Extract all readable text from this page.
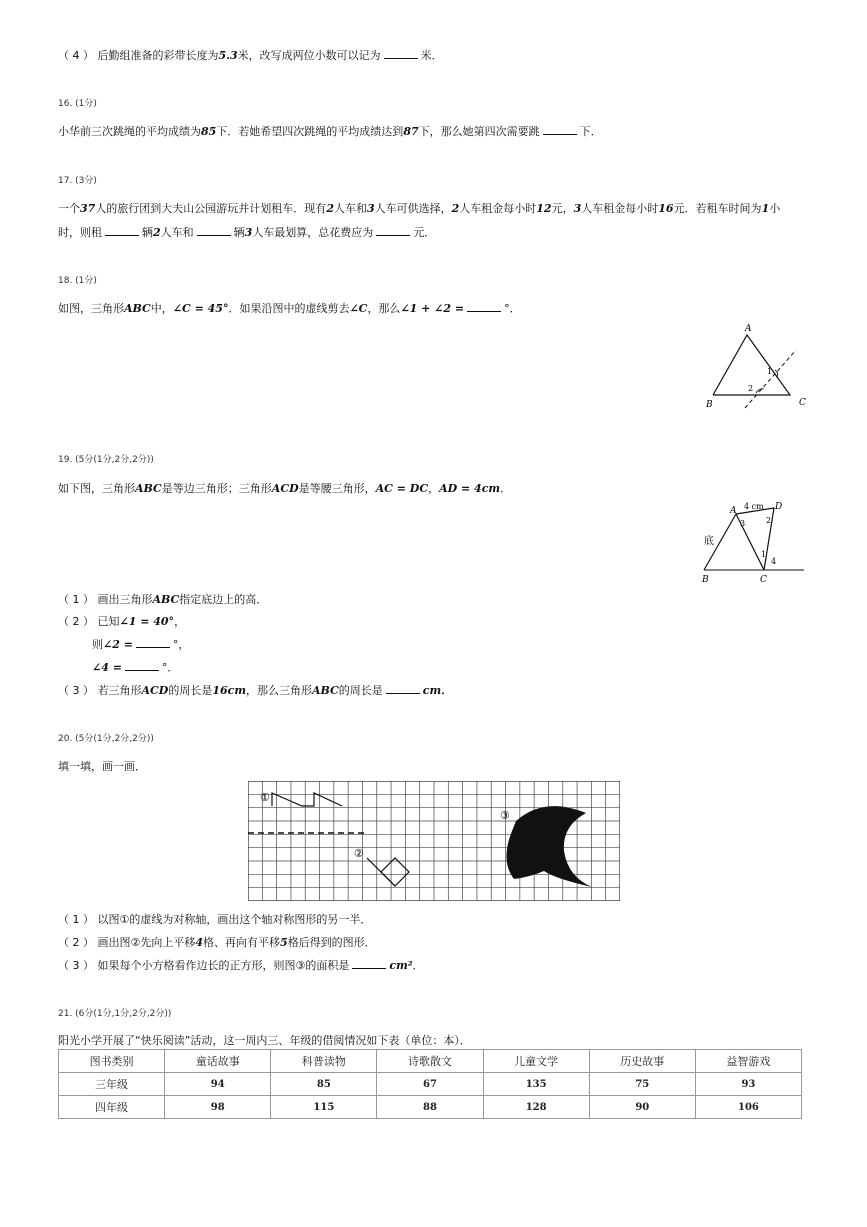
（ 4 ） 后勤组准备的彩带长度为5.3米，改写成两位小数可以记为	米．
16. (1分)
小华前三次跳绳的平均成绩为85下．若她希望四次跳绳的平均成绩达到87下，那么她第四次需要跳	下．
17. (3分)
一个37人的旅行团到大夫山公园游玩并计划租车．现有2人车和3人车可供选择，2人车租金每小时12元，3人车租金每小时16元．若租车时间为1小
时，则租	辆2人车和	辆3人车最划算，总花费应为	元．
18. (1分)
如图，三角形ABC中，∠C = 45°．如果沿图中的虚线剪去∠C，那么∠1 + ∠2 =	°．
A
B	C
1
2
19. (5分(1分,2分,2分))
如下图，三角形ABC是等边三角形；三角形ACD是等腰三角形，AC = DC，AD = 4cm．
A
B	C
D
4 cm
底
1
2
3
4
（ 1 ） 画出三角形ABC指定底边上的高．
（ 2 ） 已知∠1 = 40°，
则∠2 =	°，
∠4 =	°．
（ 3 ） 若三角形ACD的周长是16cm，那么三角形ABC的周长是	cm．
20. (5分(1分,2分,2分))
填一填，画一画．
①
②
③
（ 1 ） 以图①的虚线为对称轴，画出这个轴对称图形的另一半．
（ 2 ） 画出图②先向上平移4格、再向有平移5格后得到的图形．
（ 3 ） 如果每个小方格看作边长的正方形，则图③的面积是	cm²．
21. (6分(1分,1分,2分,2分))
阳光小学开展了“快乐阅读”活动，这一周内三、年级的借阅情况如下表（单位：本）．
图书类别	童话故事	科普读物	诗歌散文	儿童文学	历史故事	益智游戏
三年级	94	85	67	135	75	93
四年级	98	115	88	128	90	106
